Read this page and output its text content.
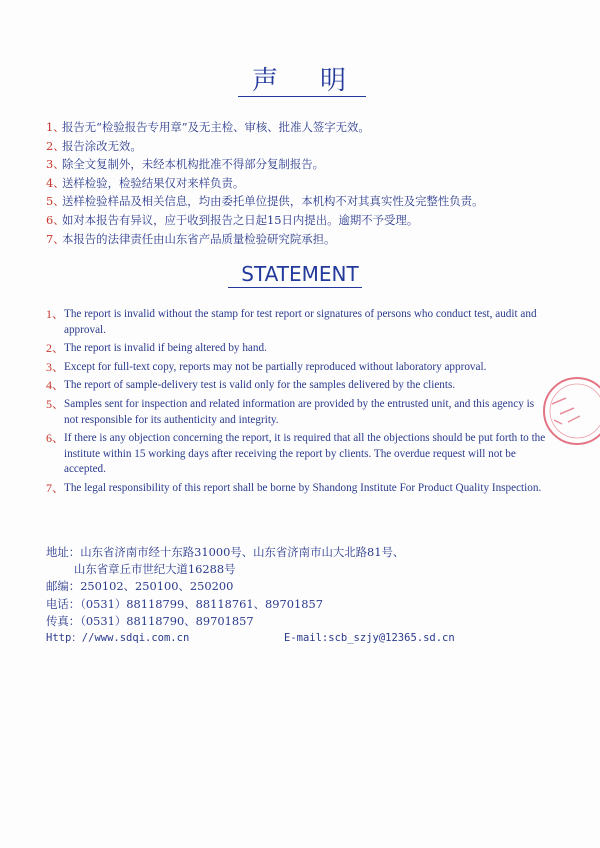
声 明
1、报告无“检验报告专用章”及无主检、审核、批准人签字无效。
2、报告涂改无效。
3、除全文复制外，未经本机构批准不得部分复制报告。
4、送样检验，检验结果仅对来样负责。
5、送样检验样品及相关信息，均由委托单位提供，本机构不对其真实性及完整性负责。
6、如对本报告有异议，应于收到报告之日起15日内提出。逾期不予受理。
7、本报告的法律责任由山东省产品质量检验研究院承担。
STATEMENT
1、 The report is invalid without the stamp for test report or signatures of persons who conduct test, audit and approval.
2、 The report is invalid if being altered by hand.
3、 Except for full-text copy, reports may not be partially reproduced without laboratory approval.
4、 The report of sample-delivery test is valid only for the samples delivered by the clients.
5、 Samples sent for inspection and related information are provided by the entrusted unit, and this agency is not responsible for its authenticity and integrity.
6、 If there is any objection concerning the report, it is required that all the objections should be put forth to the institute within 15 working days after receiving the report by clients. The overdue request will not be accepted.
7、 The legal responsibility of this report shall be borne by Shandong Institute For Product Quality Inspection.
地址：山东省济南市经十东路31000号、山东省济南市山大北路81号、
山东省章丘市世纪大道16288号
邮编：250102、250100、250200
电话：（0531）88118799、88118761、89701857
传真：（0531）88118790、89701857
Http：//www.sdqi.com.cn	E-mail:scb_szjy@12365.sd.cn
